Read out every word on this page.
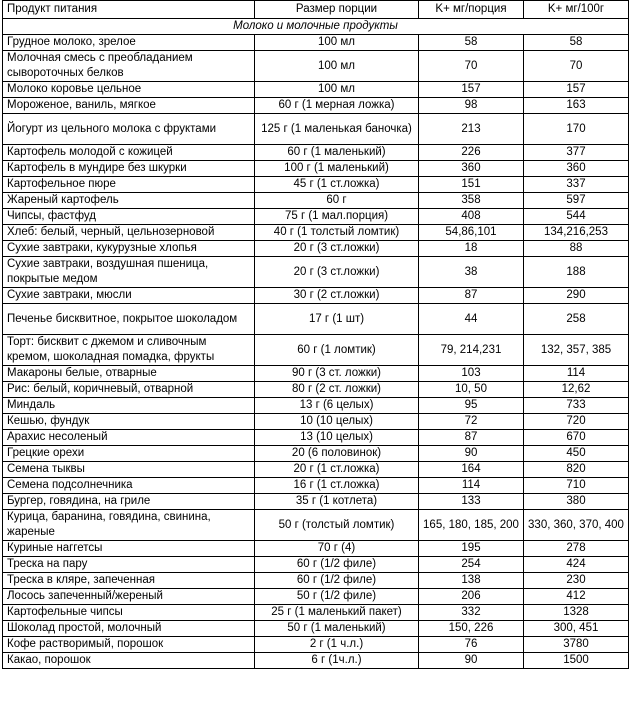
Продукт питания	Размер порции	K+ мг/порция	K+ мг/100г
Молоко и молочные продукты			
Грудное молоко, зрелое	100 мл	58	58
Молочная смесь с преобладанием сывороточных белков	100 мл	70	70
Молоко коровье цельное	100 мл	157	157
Мороженое, ваниль, мягкое	60 г (1 мерная ложка)	98	163
Йогурт из цельного молока с фруктами	125 г (1 маленькая баночка)	213	170
Картофель молодой с кожицей	60 г (1 маленький)	226	377
Картофель в мундире без шкурки	100 г (1 маленький)	360	360
Картофельное пюре	45 г (1 ст.ложка)	151	337
Жареный картофель	60 г	358	597
Чипсы, фастфуд	75 г (1 мал.порция)	408	544
Хлеб: белый, черный, цельнозерновой	40 г (1 толстый ломтик)	54,86,101	134,216,253
Сухие завтраки, кукурузные хлопья	20 г (3 ст.ложки)	18	88
Сухие завтраки, воздушная пшеница, покрытые медом	20 г (3 ст.ложки)	38	188
Сухие завтраки, мюсли	30 г (2 ст.ложки)	87	290
Печенье бисквитное, покрытое шоколадом	17 г (1 шт)	44	258
Торт: бисквит с джемом и сливочным кремом, шоколадная помадка, фрукты	60 г (1 ломтик)	79, 214,231	132, 357, 385
Макароны белые, отварные	90 г (3 ст. ложки)	103	114
Рис: белый, коричневый, отварной	80 г (2 ст. ложки)	10, 50	12,62
Миндаль	13 г (6 целых)	95	733
Кешью, фундук	10 (10 целых)	72	720
Арахис несоленый	13 (10 целых)	87	670
Грецкие орехи	20 (6 половинок)	90	450
Семена тыквы	20 г (1 ст.ложка)	164	820
Семена подсолнечника	16 г (1 ст.ложка)	114	710
Бургер, говядина, на гриле	35 г (1 котлета)	133	380
Курица, баранина, говядина, свинина, жареные	50 г (толстый ломтик)	165, 180, 185, 200	330, 360, 370, 400
Куриные наггетсы	70 г (4)	195	278
Треска на пару	60 г (1/2 филе)	254	424
Треска в кляре, запеченная	60 г (1/2 филе)	138	230
Лосось запеченный/жереный	50 г (1/2 филе)	206	412
Картофельные чипсы	25 г (1 маленький пакет)	332	1328
Шоколад простой, молочный	50 г (1 маленький)	150, 226	300, 451
Кофе растворимый, порошок	2 г (1 ч.л.)	76	3780
Какао, порошок	6 г (1ч.л.)	90	1500
